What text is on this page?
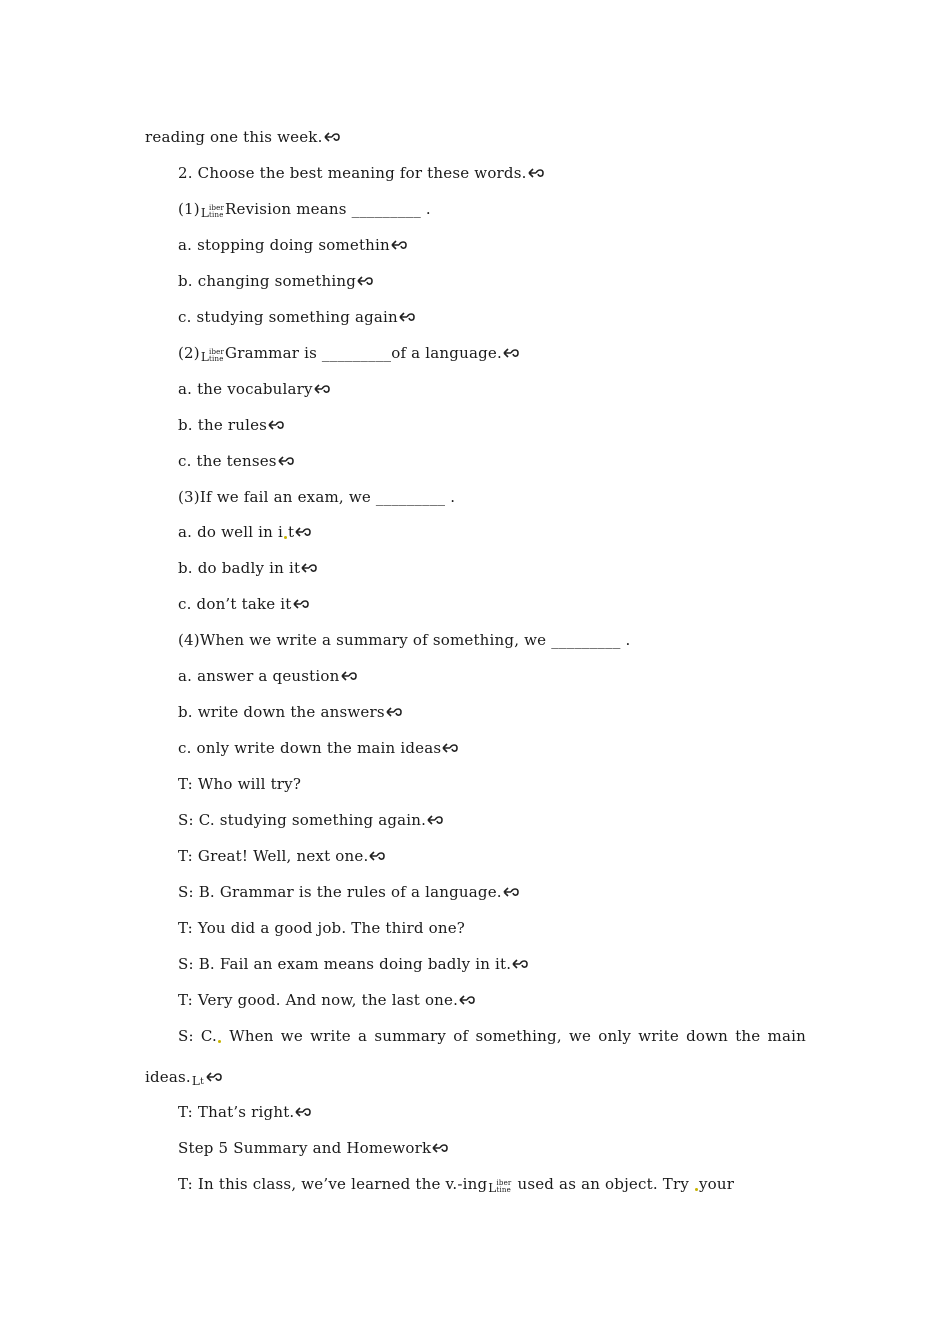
reading one this week.
2. Choose the best meaning for these words.
(1) L iber
tine Revision means _________ .
a. stopping doing somethin
b. changing something
c. studying something again
(2) L iber
tine Grammar is _________of a language.
a. the vocabulary
b. the rules
c. the tenses
(3)If we fail an exam, we _________ .
a. do well in i t
b. do badly in it
c. don’t take it
(4)When we write a summary of something, we _________ .
a. answer a qeustion
b. write down the answers
c. only write down the main ideas
T: Who will try?
S: C. studying something again.
T: Great! Well, next one.
S: B. Grammar is the rules of a language.
T: You did a good job. The third one?
S: B. Fail an exam means doing badly in it.
T: Very good. And now, the last one.
S: C. When we write a summary of something, we only write down the main
ideas. L t
T: That’s right.
Step 5 Summary and Homework
T: In this class, we’ve learned the v.-ing L iber
tine used as an object. Try your
